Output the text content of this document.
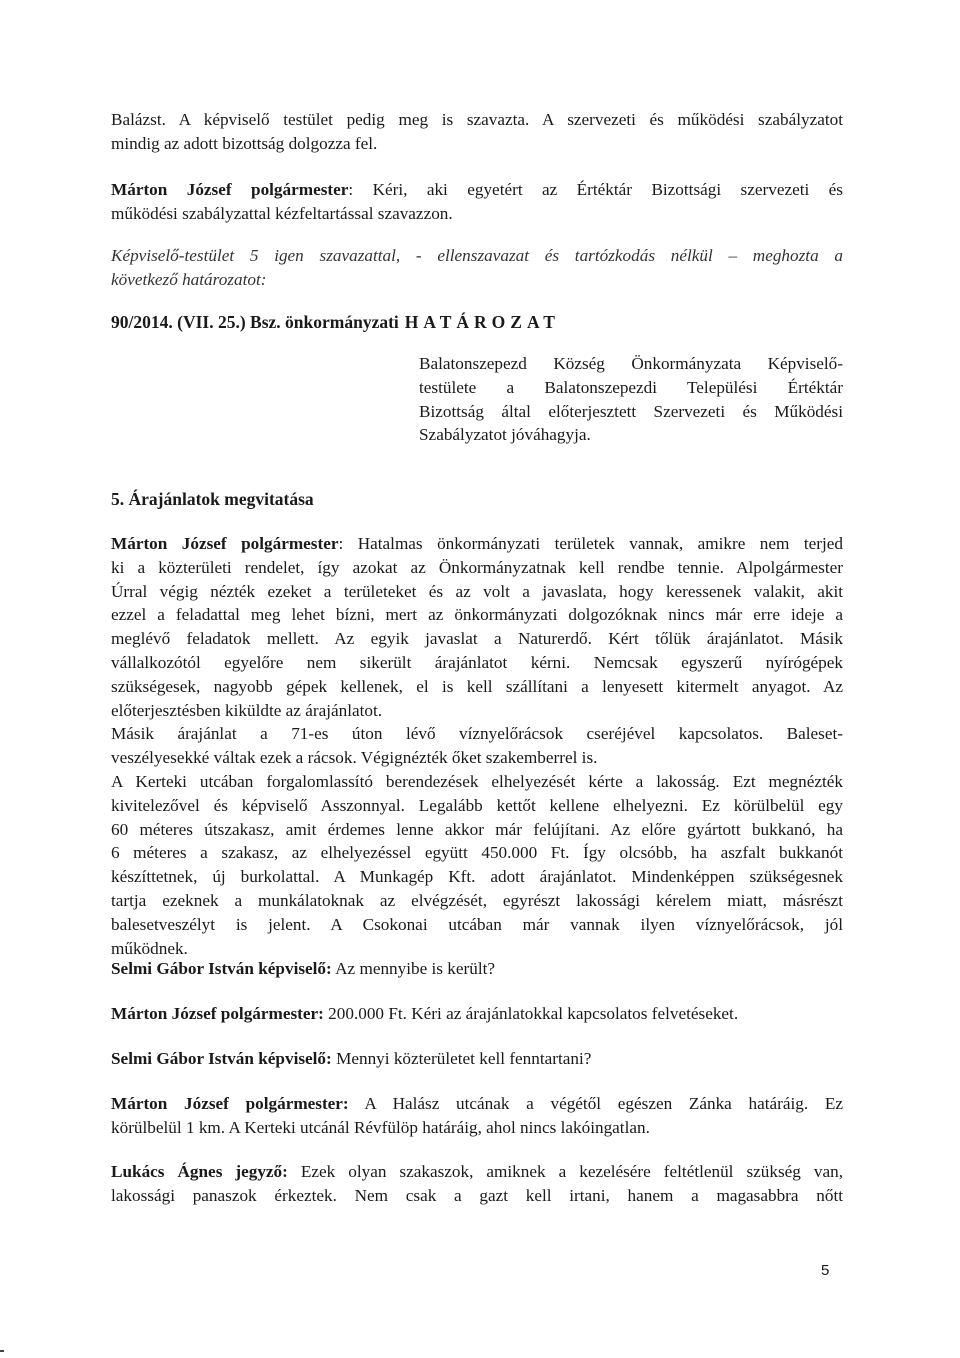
Balázst. A képviselő testület pedig meg is szavazta. A szervezeti és működési szabályzatot
mindig az adott bizottság dolgozza fel.
Márton József polgármester: Kéri, aki egyetért az Értéktár Bizottsági szervezeti és
működési szabályzattal kézfeltartással szavazzon.
Képviselő-testület 5 igen szavazattal, - ellenszavazat és tartózkodás nélkül – meghozta a
következő határozatot:
90/2014. (VII. 25.) Bsz. önkormányzati HATÁROZAT
Balatonszepezd Község Önkormányzata Képviselő-
testülete a Balatonszepezdi Települési Értéktár
Bizottság által előterjesztett Szervezeti és Működési
Szabályzatot jóváhagyja.
5. Árajánlatok megvitatása
Márton József polgármester: Hatalmas önkormányzati területek vannak, amikre nem terjed
ki a közterületi rendelet, így azokat az Önkormányzatnak kell rendbe tennie. Alpolgármester
Úrral végig nézték ezeket a területeket és az volt a javaslata, hogy keressenek valakit, akit
ezzel a feladattal meg lehet bízni, mert az önkormányzati dolgozóknak nincs már erre ideje a
meglévő feladatok mellett. Az egyik javaslat a Naturerdő. Kért tőlük árajánlatot. Másik
vállalkozótól egyelőre nem sikerült árajánlatot kérni. Nemcsak egyszerű nyírógépek
szükségesek, nagyobb gépek kellenek, el is kell szállítani a lenyesett kitermelt anyagot. Az
előterjesztésben kiküldte az árajánlatot.
Másik árajánlat a 71-es úton lévő víznyelőrácsok cseréjével kapcsolatos. Baleset-
veszélyesekké váltak ezek a rácsok. Végignézték őket szakemberrel is.
A Kerteki utcában forgalomlassító berendezések elhelyezését kérte a lakosság. Ezt megnézték
kivitelezővel és képviselő Asszonnyal. Legalább kettőt kellene elhelyezni. Ez körülbelül egy
60 méteres útszakasz, amit érdemes lenne akkor már felújítani. Az előre gyártott bukkanó, ha
6 méteres a szakasz, az elhelyezéssel együtt 450.000 Ft. Így olcsóbb, ha aszfalt bukkanót
készíttetnek, új burkolattal. A Munkagép Kft. adott árajánlatot. Mindenképpen szükségesnek
tartja ezeknek a munkálatoknak az elvégzését, egyrészt lakossági kérelem miatt, másrészt
balesetveszélyt is jelent. A Csokonai utcában már vannak ilyen víznyelőrácsok, jól
működnek.
Selmi Gábor István képviselő: Az mennyibe is került?
Márton József polgármester: 200.000 Ft. Kéri az árajánlatokkal kapcsolatos felvetéseket.
Selmi Gábor István képviselő: Mennyi közterületet kell fenntartani?
Márton József polgármester: A Halász utcának a végétől egészen Zánka határáig. Ez
körülbelül 1 km. A Kerteki utcánál Révfülöp határáig, ahol nincs lakóingatlan.
Lukács Ágnes jegyző: Ezek olyan szakaszok, amiknek a kezelésére feltétlenül szükség van,
lakossági panaszok érkeztek. Nem csak a gazt kell irtani, hanem a magasabbra nőtt
5
